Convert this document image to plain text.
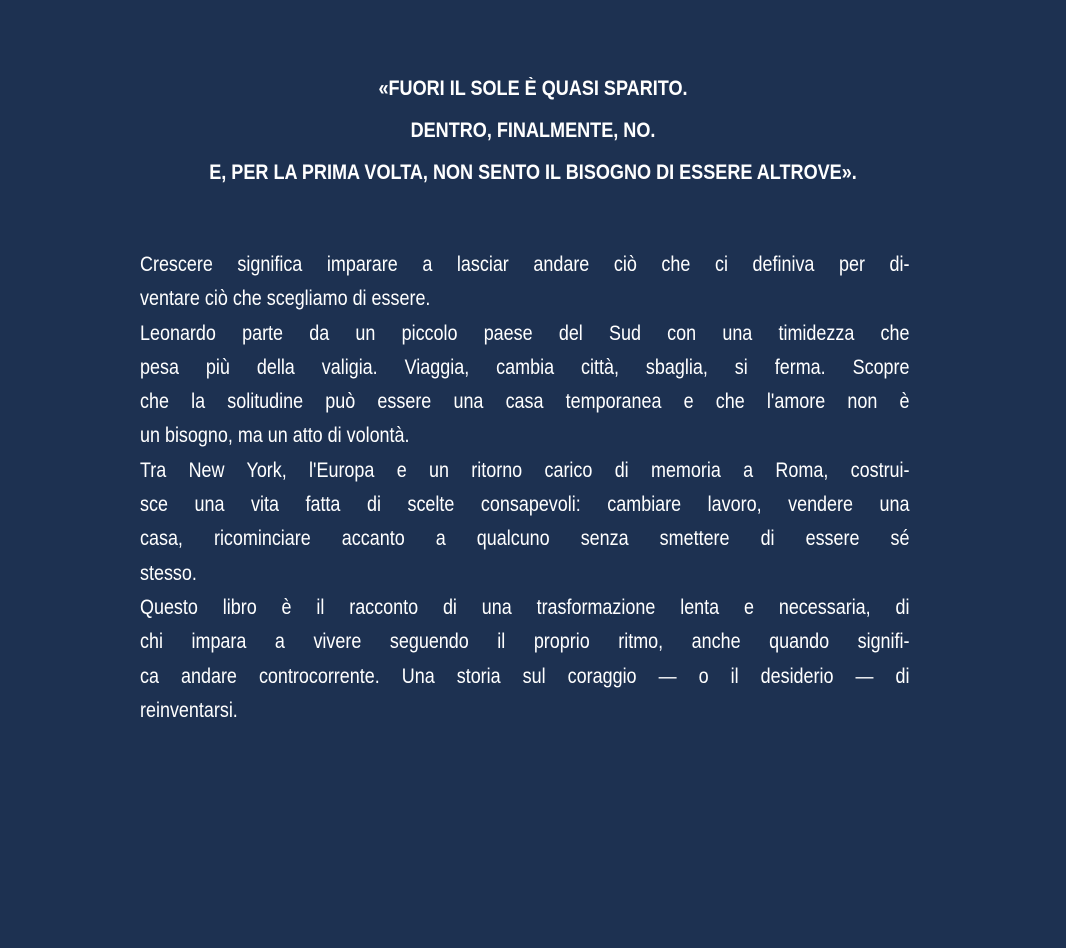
«FUORI IL SOLE È QUASI SPARITO.
DENTRO, FINALMENTE, NO.
E, PER LA PRIMA VOLTA, NON SENTO IL BISOGNO DI ESSERE ALTROVE».
Crescere significa imparare a lasciar andare ciò che ci definiva per di-
ventare ciò che scegliamo di essere.
Leonardo parte da un piccolo paese del Sud con una timidezza che
pesa più della valigia. Viaggia, cambia città, sbaglia, si ferma. Scopre
che la solitudine può essere una casa temporanea e che l'amore non è
un bisogno, ma un atto di volontà.
Tra New York, l'Europa e un ritorno carico di memoria a Roma, costrui-
sce una vita fatta di scelte consapevoli: cambiare lavoro, vendere una
casa, ricominciare accanto a qualcuno senza smettere di essere sé
stesso.
Questo libro è il racconto di una trasformazione lenta e necessaria, di
chi impara a vivere seguendo il proprio ritmo, anche quando signifi-
ca andare controcorrente. Una storia sul coraggio — o il desiderio — di
reinventarsi.
